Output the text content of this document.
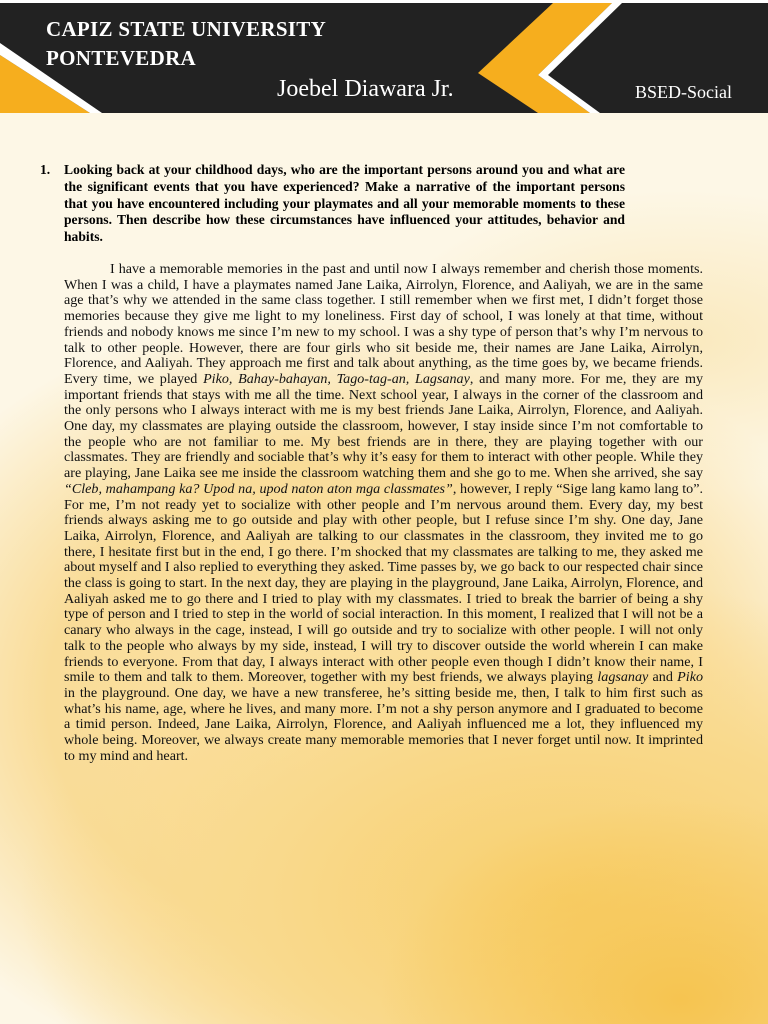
CAPIZ STATE UNIVERSITY
PONTEVEDRA
Joebel Diawara Jr.	BSED-Social
1.	Looking back at your childhood days, who are the important persons around you and what are the significant events that you have experienced? Make a narrative of the important persons that you have encountered including your playmates and all your memorable moments to these persons. Then describe how these circumstances have influenced your attitudes, behavior and habits.
I have a memorable memories in the past and until now I always remember and cherish those moments. When I was a child, I have a playmates named Jane Laika, Airrolyn, Florence, and Aaliyah, we are in the same age that’s why we attended in the same class together. I still remember when we first met, I didn’t forget those memories because they give me light to my loneliness. First day of school, I was lonely at that time, without friends and nobody knows me since I’m new to my school. I was a shy type of person that’s why I’m nervous to talk to other people. However, there are four girls who sit beside me, their names are Jane Laika, Airrolyn, Florence, and Aaliyah. They approach me first and talk about anything, as the time goes by, we became friends. Every time, we played Piko, Bahay-bahayan, Tago-tag-an, Lagsanay, and many more. For me, they are my important friends that stays with me all the time. Next school year, I always in the corner of the classroom and the only persons who I always interact with me is my best friends Jane Laika, Airrolyn, Florence, and Aaliyah. One day, my classmates are playing outside the classroom, however, I stay inside since I’m not comfortable to the people who are not familiar to me. My best friends are in there, they are playing together with our classmates. They are friendly and sociable that’s why it’s easy for them to interact with other people. While they are playing, Jane Laika see me inside the classroom watching them and she go to me. When she arrived, she say “Cleb, mahampang ka? Upod na, upod naton aton mga classmates”, however, I reply “Sige lang kamo lang to”. For me, I’m not ready yet to socialize with other people and I’m nervous around them. Every day, my best friends always asking me to go outside and play with other people, but I refuse since I’m shy. One day, Jane Laika, Airrolyn, Florence, and Aaliyah are talking to our classmates in the classroom, they invited me to go there, I hesitate first but in the end, I go there. I’m shocked that my classmates are talking to me, they asked me about myself and I also replied to everything they asked. Time passes by, we go back to our respected chair since the class is going to start. In the next day, they are playing in the playground, Jane Laika, Airrolyn, Florence, and Aaliyah asked me to go there and I tried to play with my classmates. I tried to break the barrier of being a shy type of person and I tried to step in the world of social interaction. In this moment, I realized that I will not be a canary who always in the cage, instead, I will go outside and try to socialize with other people. I will not only talk to the people who always by my side, instead, I will try to discover outside the world wherein I can make friends to everyone. From that day, I always interact with other people even though I didn’t know their name, I smile to them and talk to them. Moreover, together with my best friends, we always playing lagsanay and Piko in the playground. One day, we have a new transferee, he’s sitting beside me, then, I talk to him first such as what’s his name, age, where he lives, and many more. I’m not a shy person anymore and I graduated to become a timid person. Indeed, Jane Laika, Airrolyn, Florence, and Aaliyah influenced me a lot, they influenced my whole being. Moreover, we always create many memorable memories that I never forget until now. It imprinted to my mind and heart.
